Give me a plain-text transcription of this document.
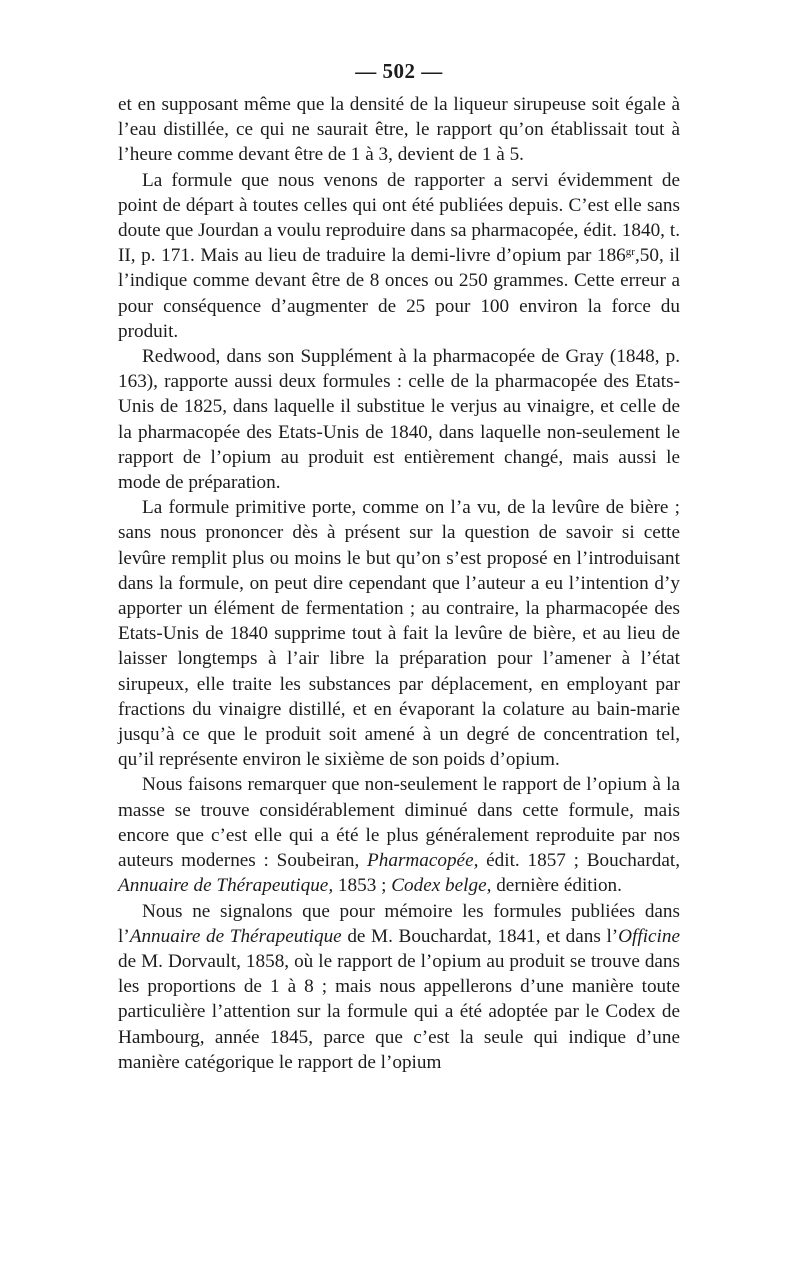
— 502 —

et en supposant même que la densité de la liqueur sirupeuse soit égale à l’eau distillée, ce qui ne saurait être, le rapport qu’on établissait tout à l’heure comme devant être de 1 à 3, devient de 1 à 5.

La formule que nous venons de rapporter a servi évidemment de point de départ à toutes celles qui ont été publiées depuis. C’est elle sans doute que Jourdan a voulu reproduire dans sa pharmacopée, édit. 1840, t. II, p. 171. Mais au lieu de traduire la demi-livre d’opium par $186^{gr},50$, il l’indique comme devant être de 8 onces ou 250 grammes. Cette erreur a pour conséquence d’augmenter de 25 pour 100 environ la force du produit.

Redwood, dans son Supplément à la pharmacopée de Gray (1848, p. 163), rapporte aussi deux formules : celle de la pharmacopée des Etats-Unis de 1825, dans laquelle il substitue le verjus au vinaigre, et celle de la pharmacopée des Etats-Unis de 1840, dans laquelle non-seulement le rapport de l’opium au produit est entièrement changé, mais aussi le mode de préparation.

La formule primitive porte, comme on l’a vu, de la levûre de bière ; sans nous prononcer dès à présent sur la question de savoir si cette levûre remplit plus ou moins le but qu’on s’est proposé en l’introduisant dans la formule, on peut dire cependant que l’auteur a eu l’intention d’y apporter un élément de fermentation ; au contraire, la pharmacopée des Etats-Unis de 1840 supprime tout à fait la levûre de bière, et au lieu de laisser longtemps à l’air libre la préparation pour l’amener à l’état sirupeux, elle traite les substances par déplacement, en employant par fractions du vinaigre distillé, et en évaporant la colature au bain-marie jusqu’à ce que le produit soit amené à un degré de concentration tel, qu’il représente environ le sixième de son poids d’opium.

Nous faisons remarquer que non-seulement le rapport de l’opium à la masse se trouve considérablement diminué dans cette formule, mais encore que c’est elle qui a été le plus généralement reproduite par nos auteurs modernes : Soubeiran, Pharmacopée, édit. 1857 ; Bouchardat, Annuaire de Thérapeutique, 1853 ; Codex belge, dernière édition.

Nous ne signalons que pour mémoire les formules publiées dans l’Annuaire de Thérapeutique de M. Bouchardat, 1841, et dans l’Officine de M. Dorvault, 1858, où le rapport de l’opium au produit se trouve dans les proportions de 1 à 8 ; mais nous appellerons d’une manière toute particulière l’attention sur la formule qui a été adoptée par le Codex de Hambourg, année 1845, parce que c’est la seule qui indique d’une manière catégorique le rapport de l’opium
